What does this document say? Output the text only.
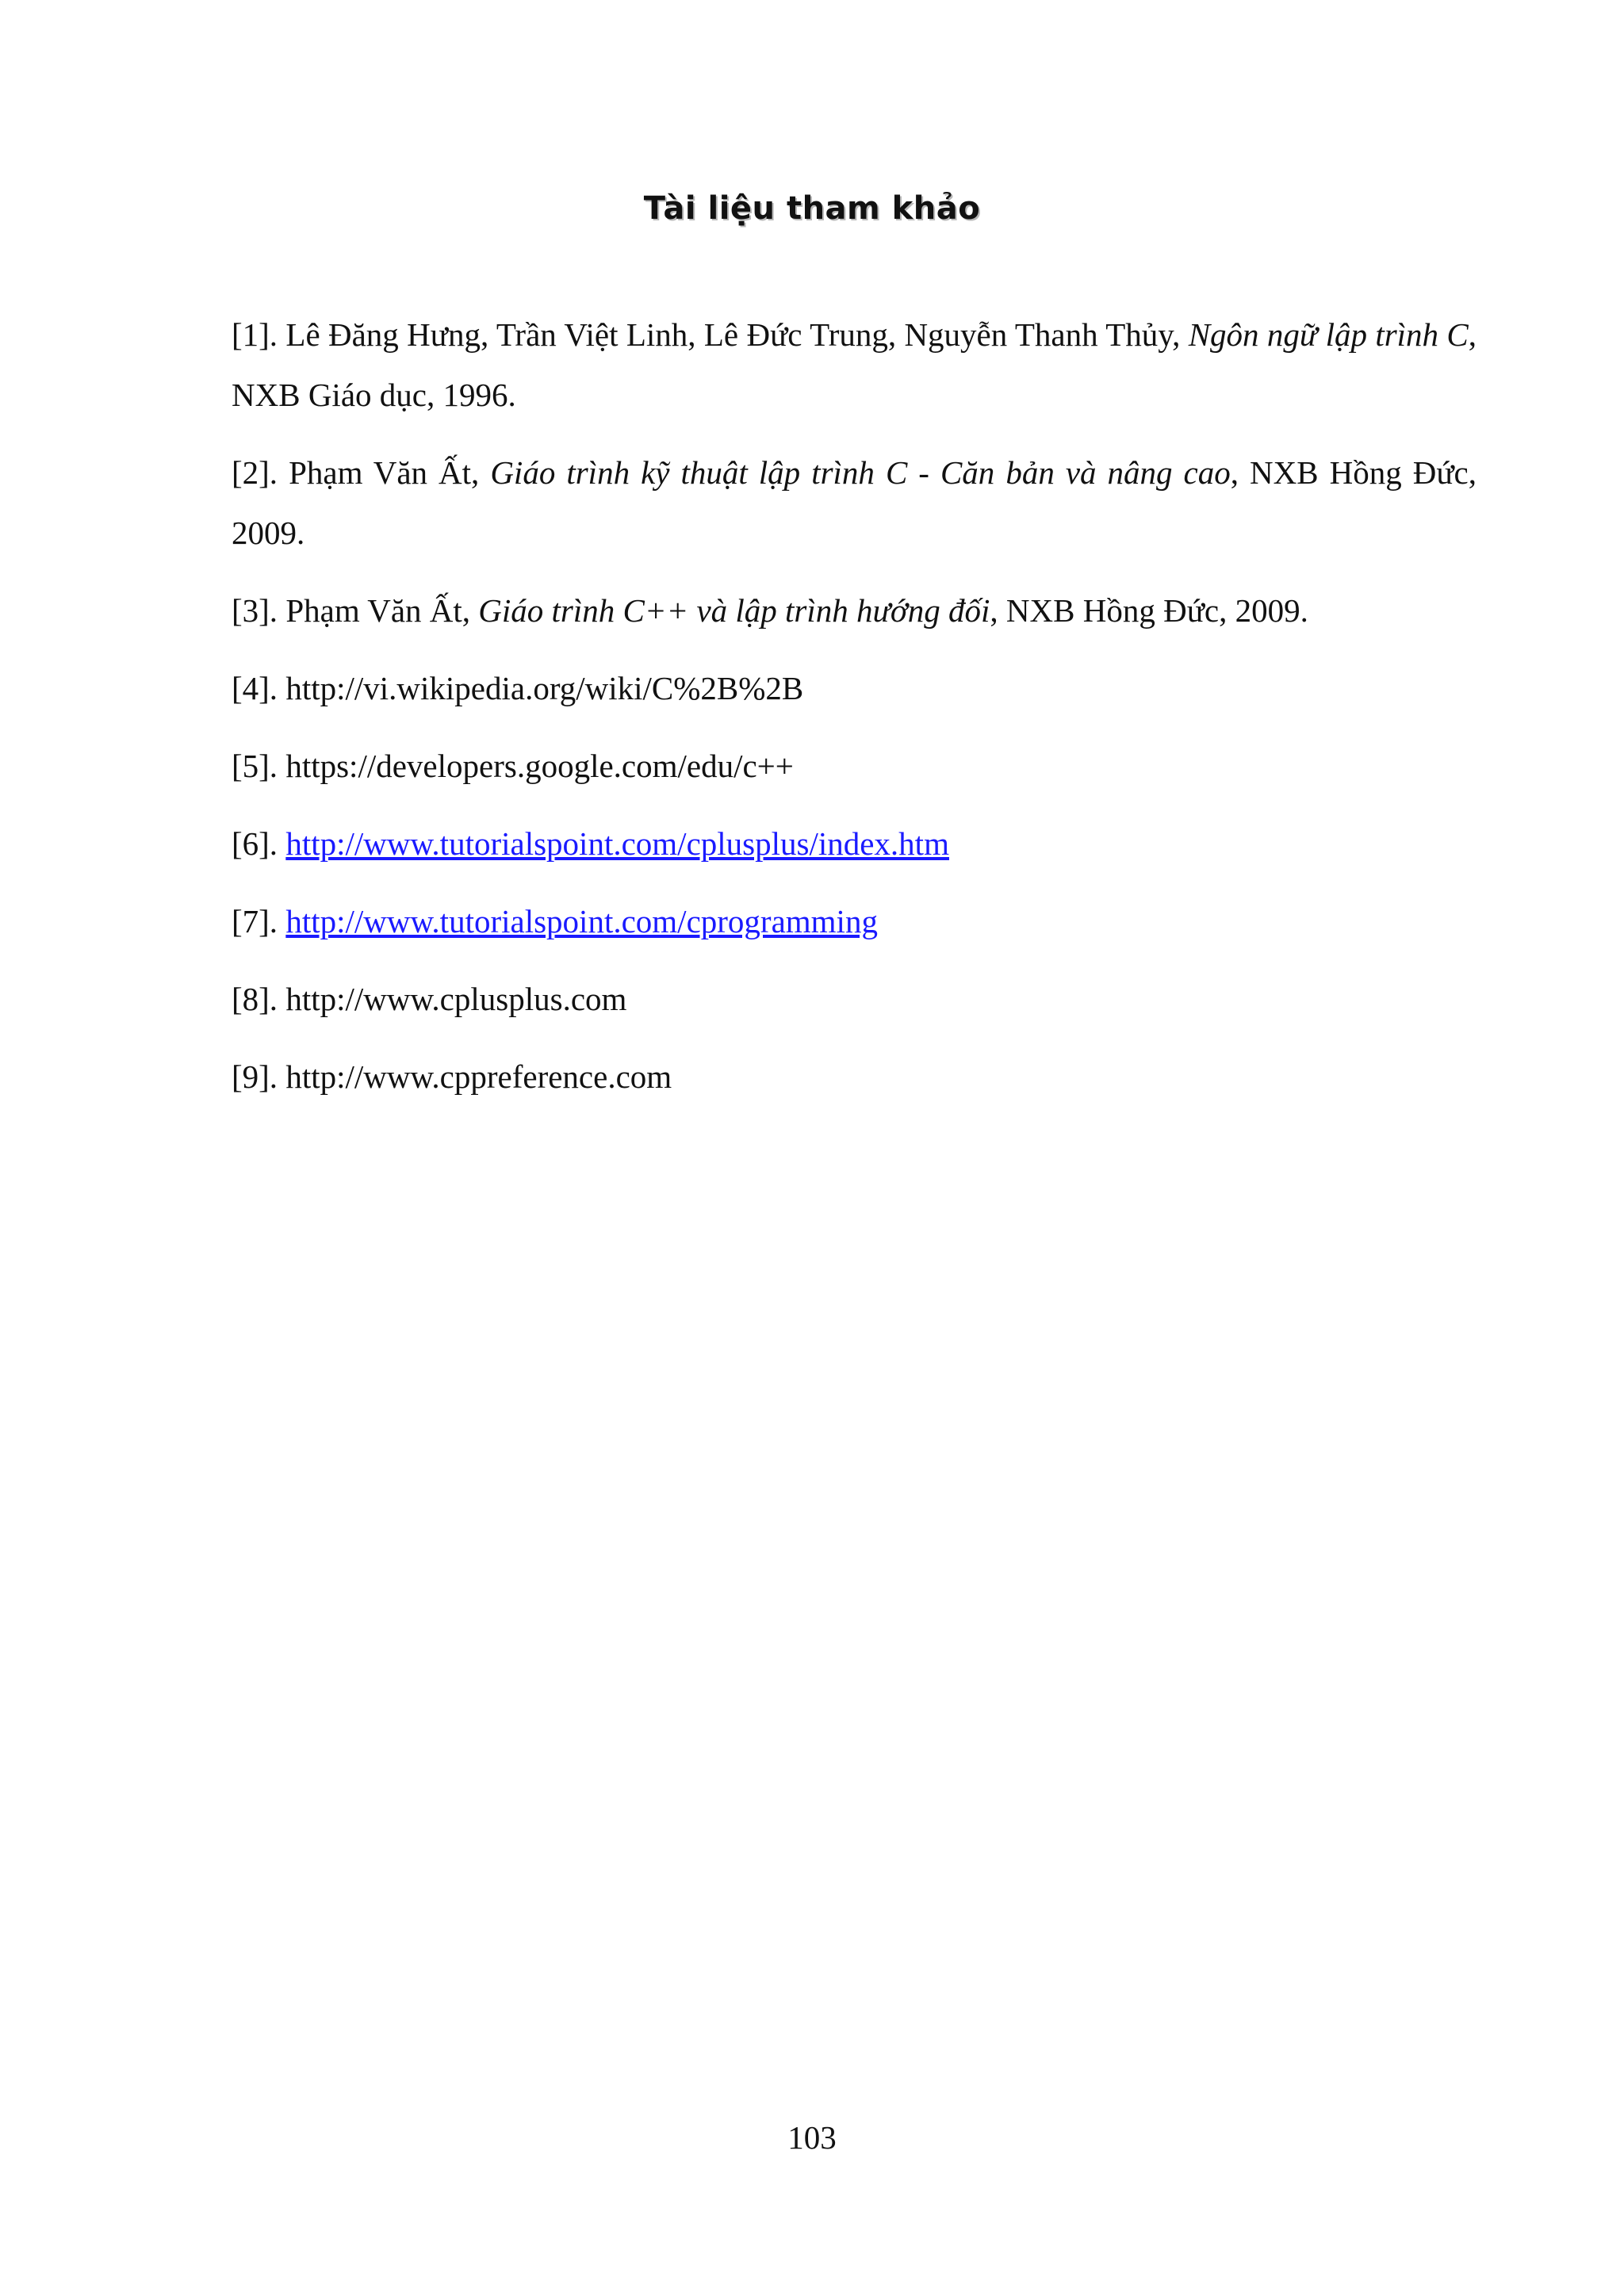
Tài liệu tham khảo

[1]. Lê Đăng Hưng, Trần Việt Linh, Lê Đức Trung, Nguyễn Thanh Thủy, Ngôn ngữ lập trình C, NXB Giáo dục, 1996.

[2]. Phạm Văn Ất, Giáo trình kỹ thuật lập trình C - Căn bản và nâng cao, NXB Hồng Đức, 2009.

[3]. Phạm Văn Ất, Giáo trình C++ và lập trình hướng đối, NXB Hồng Đức, 2009.

[4]. http://vi.wikipedia.org/wiki/C%2B%2B

[5]. https://developers.google.com/edu/c++

[6]. http://www.tutorialspoint.com/cplusplus/index.htm

[7]. http://www.tutorialspoint.com/cprogramming

[8]. http://www.cplusplus.com

[9]. http://www.cppreference.com

103
